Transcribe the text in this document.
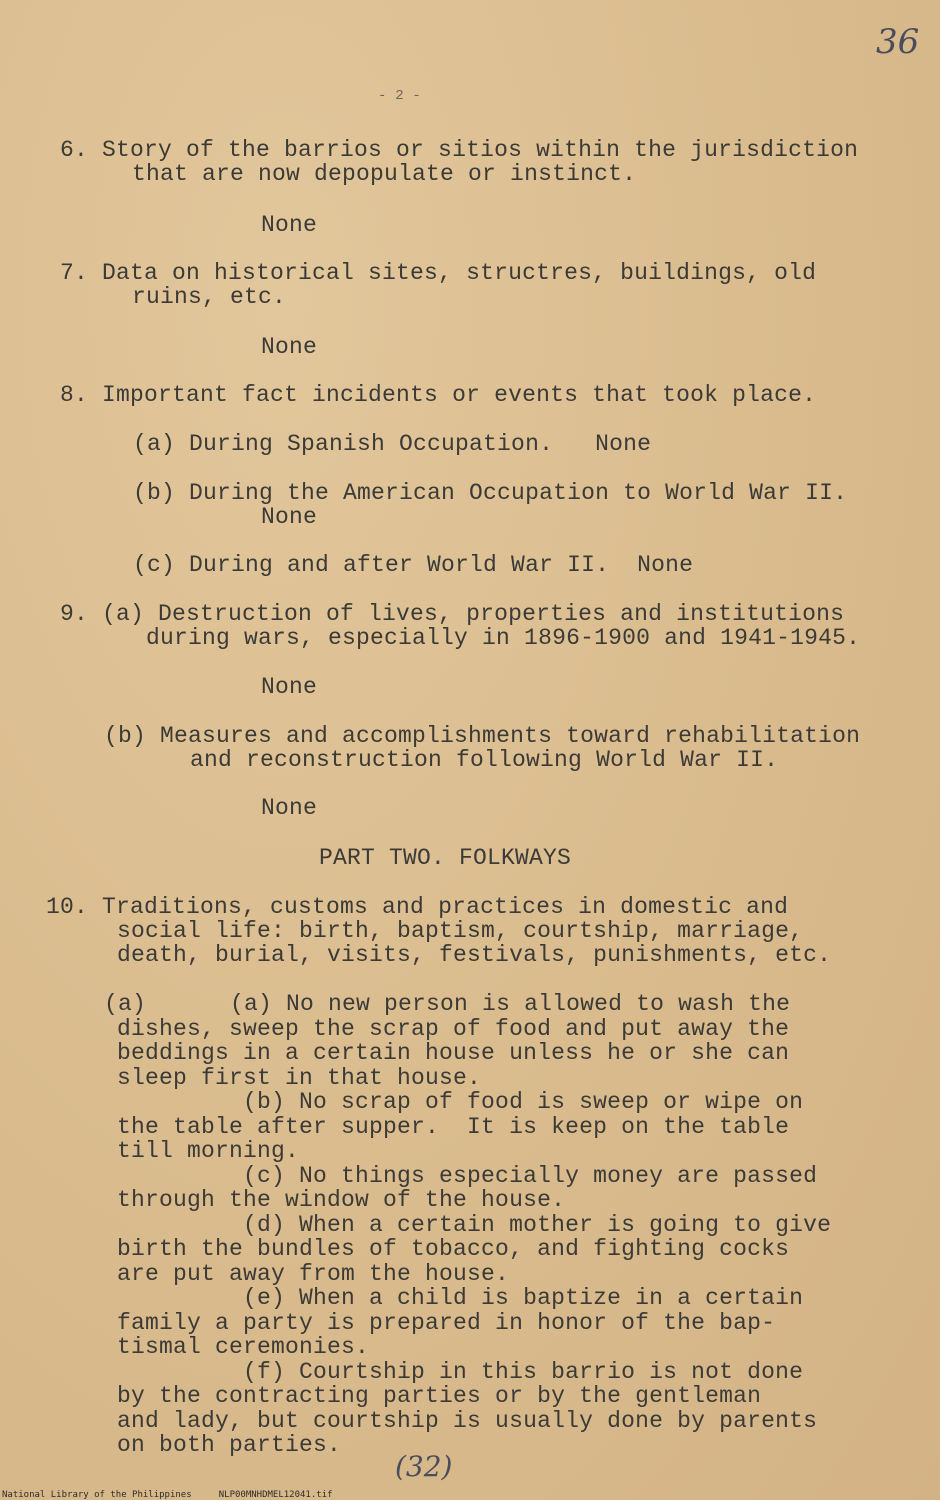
36
- 2 -
6. Story of the barrios or sitios within the jurisdiction
that are now depopulate or instinct.
None
7. Data on historical sites, structres, buildings, old
ruins, etc.
None
8. Important fact incidents or events that took place.
(a) During Spanish Occupation.   None
(b) During the American Occupation to World War II.
None
(c) During and after World War II.  None
9. (a) Destruction of lives, properties and institutions
during wars, especially in 1896-1900 and 1941-1945.
None
(b) Measures and accomplishments toward rehabilitation
and reconstruction following World War II.
None
PART TWO. FOLKWAYS
10. Traditions, customs and practices in domestic and
social life: birth, baptism, courtship, marriage,
death, burial, visits, festivals, punishments, etc.
(a)      (a) No new person is allowed to wash the
dishes, sweep the scrap of food and put away the
beddings in a certain house unless he or she can
sleep first in that house.
(b) No scrap of food is sweep or wipe on
the table after supper.  It is keep on the table
till morning.
(c) No things especially money are passed
through the window of the house.
(d) When a certain mother is going to give
birth the bundles of tobacco, and fighting cocks
are put away from the house.
(e) When a child is baptize in a certain
family a party is prepared in honor of the bap-
tismal ceremonies.
(f) Courtship in this barrio is not done
by the contracting parties or by the gentleman
and lady, but courtship is usually done by parents
on both parties.
(32)
National Library of the Philippines     NLP00MNHDMEL12041.tif
